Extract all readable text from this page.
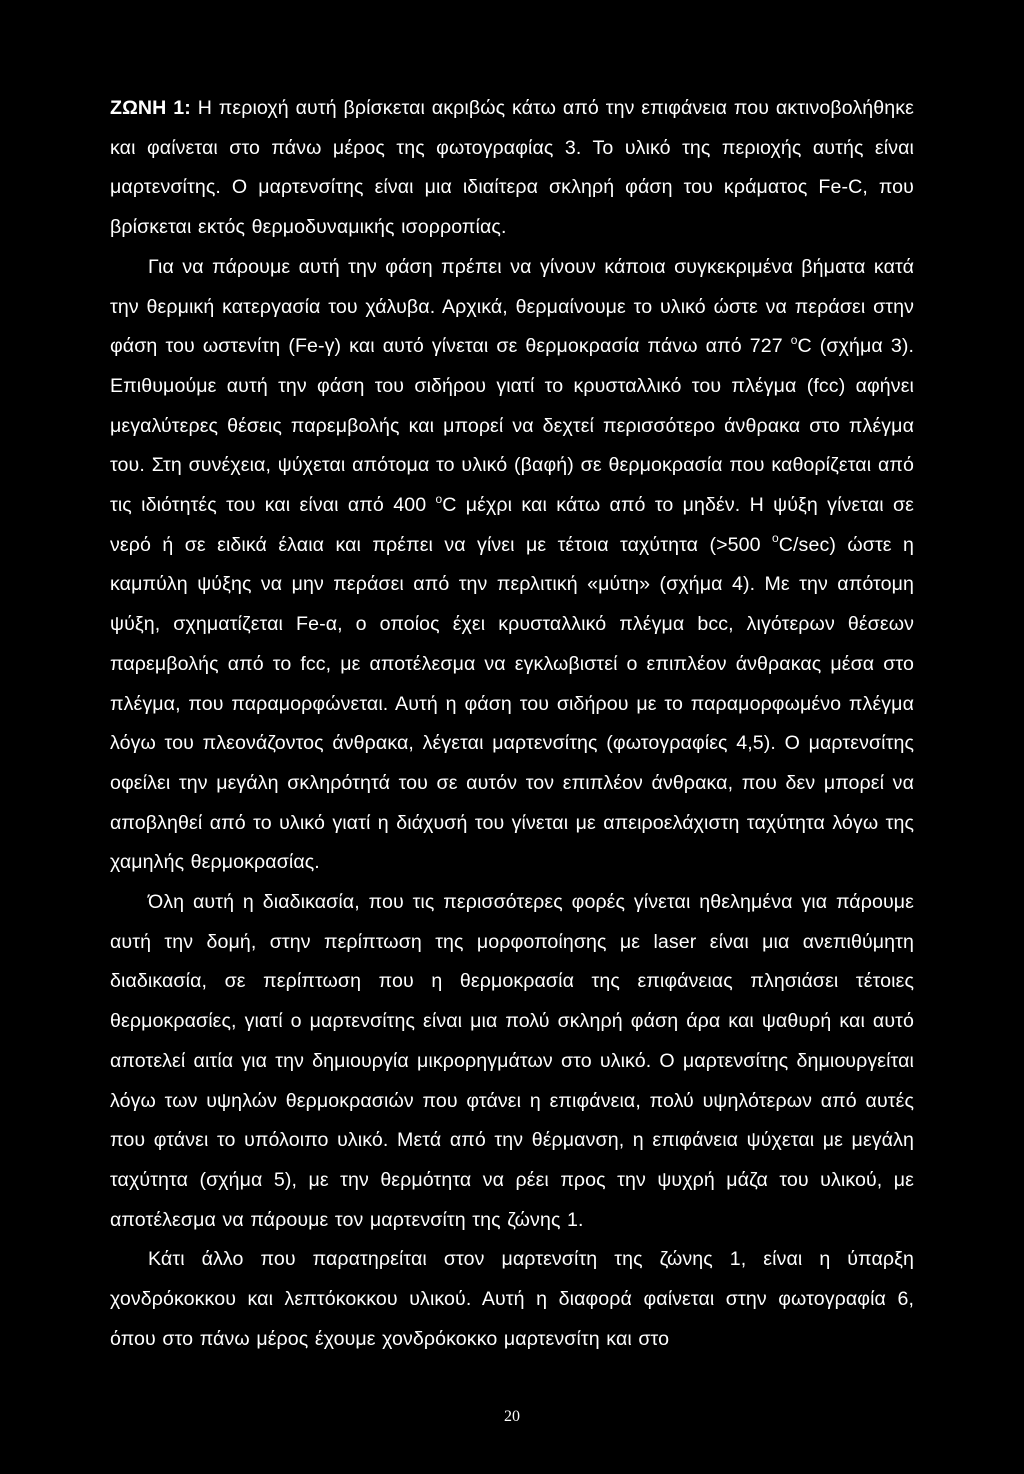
ΖΩΝΗ 1: Η περιοχή αυτή βρίσκεται ακριβώς κάτω από την επιφάνεια που ακτινοβολήθηκε και φαίνεται στο πάνω μέρος της φωτογραφίας 3. Το υλικό της περιοχής αυτής είναι μαρτενσίτης. Ο μαρτενσίτης είναι μια ιδιαίτερα σκληρή φάση του κράματος Fe-C, που βρίσκεται εκτός θερμοδυναμικής ισορροπίας.

Για να πάρουμε αυτή την φάση πρέπει να γίνουν κάποια συγκεκριμένα βήματα κατά την θερμική κατεργασία του χάλυβα. Αρχικά, θερμαίνουμε το υλικό ώστε να περάσει στην φάση του ωστενίτη (Fe-γ) και αυτό γίνεται σε θερμοκρασία πάνω από 727 $^o$C (σχήμα 3). Επιθυμούμε αυτή την φάση του σιδήρου γιατί το κρυσταλλικό του πλέγμα (fcc) αφήνει μεγαλύτερες θέσεις παρεμβολής και μπορεί να δεχτεί περισσότερο άνθρακα στο πλέγμα του. Στη συνέχεια, ψύχεται απότομα το υλικό (βαφή) σε θερμοκρασία που καθορίζεται από τις ιδιότητές του και είναι από 400 $^o$C μέχρι και κάτω από το μηδέν. Η ψύξη γίνεται σε νερό ή σε ειδικά έλαια και πρέπει να γίνει με τέτοια ταχύτητα (>500 $^o$C/sec) ώστε η καμπύλη ψύξης να μην περάσει από την περλιτική «μύτη» (σχήμα 4). Με την απότομη ψύξη, σχηματίζεται Fe-α, ο οποίος έχει κρυσταλλικό πλέγμα bcc, λιγότερων θέσεων παρεμβολής από το fcc, με αποτέλεσμα να εγκλωβιστεί ο επιπλέον άνθρακας μέσα στο πλέγμα, που παραμορφώνεται. Αυτή η φάση του σιδήρου με το παραμορφωμένο πλέγμα λόγω του πλεονάζοντος άνθρακα, λέγεται μαρτενσίτης (φωτογραφίες 4,5). Ο μαρτενσίτης οφείλει την μεγάλη σκληρότητά του σε αυτόν τον επιπλέον άνθρακα, που δεν μπορεί να αποβληθεί από το υλικό γιατί η διάχυσή του γίνεται με απειροελάχιστη ταχύτητα λόγω της χαμηλής θερμοκρασίας.

Όλη αυτή η διαδικασία, που τις περισσότερες φορές γίνεται ηθελημένα για πάρουμε αυτή την δομή, στην περίπτωση της μορφοποίησης με laser είναι μια ανεπιθύμητη διαδικασία, σε περίπτωση που η θερμοκρασία της επιφάνειας πλησιάσει τέτοιες θερμοκρασίες, γιατί ο μαρτενσίτης είναι μια πολύ σκληρή φάση άρα και ψαθυρή και αυτό αποτελεί αιτία για την δημιουργία μικρορηγμάτων στο υλικό. Ο μαρτενσίτης δημιουργείται λόγω των υψηλών θερμοκρασιών που φτάνει η επιφάνεια, πολύ υψηλότερων από αυτές που φτάνει το υπόλοιπο υλικό. Μετά από την θέρμανση, η επιφάνεια ψύχεται με μεγάλη ταχύτητα (σχήμα 5), με την θερμότητα να ρέει προς την ψυχρή μάζα του υλικού, με αποτέλεσμα να πάρουμε τον μαρτενσίτη της ζώνης 1.

Κάτι άλλο που παρατηρείται στον μαρτενσίτη της ζώνης 1, είναι η ύπαρξη χονδρόκοκκου και λεπτόκοκκου υλικού. Αυτή η διαφορά φαίνεται στην φωτογραφία 6, όπου στο πάνω μέρος έχουμε χονδρόκοκκο μαρτενσίτη και στο

20
